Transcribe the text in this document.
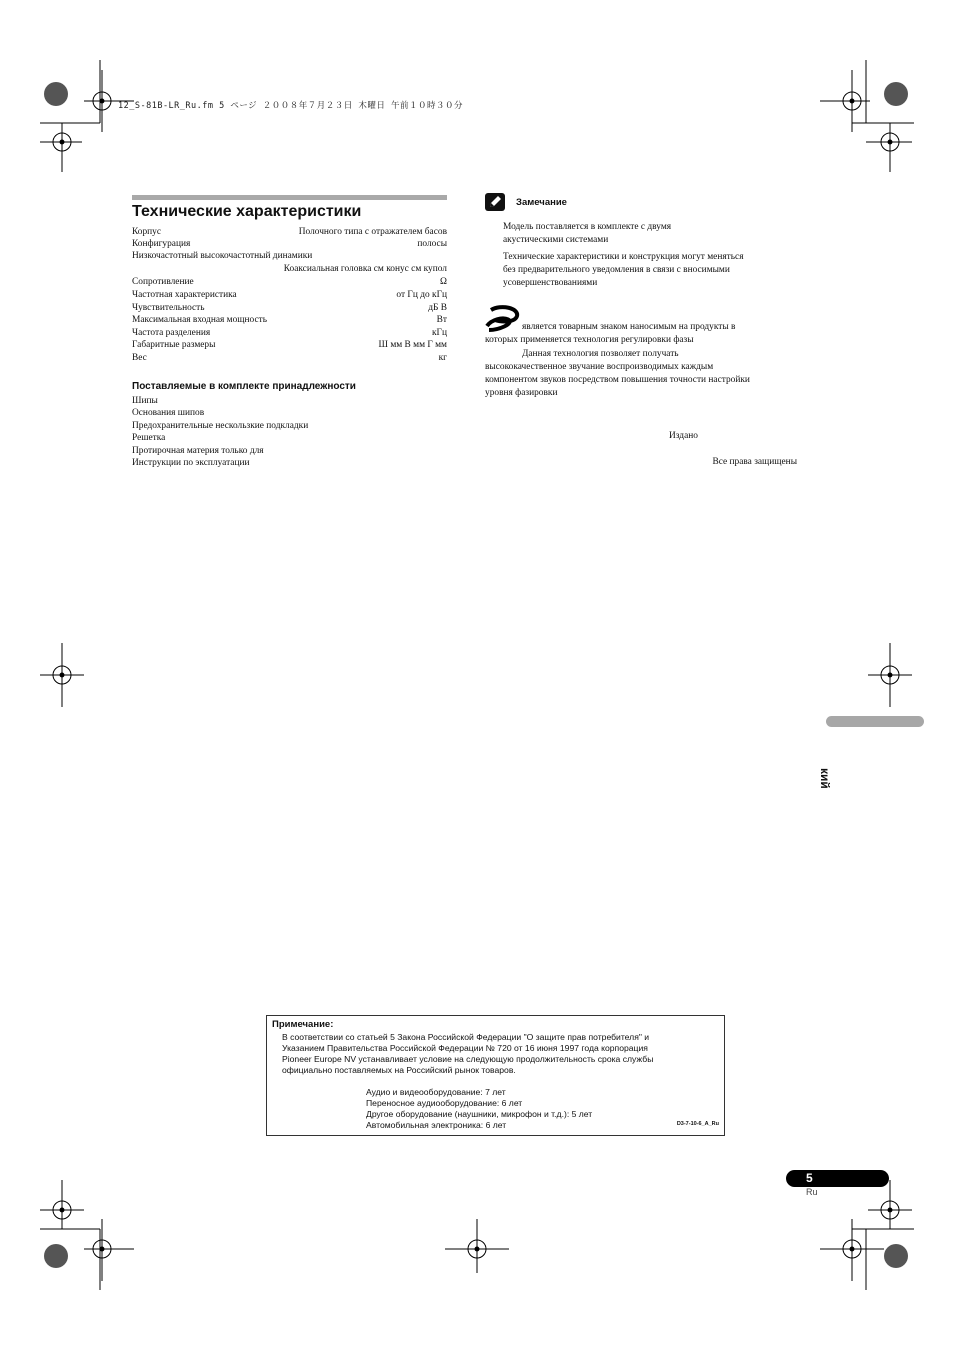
12_S-81B-LR_Ru.fm 5 ページ ２００８年７月２３日 木曜日 午前１０時３０分
Технические характеристики
Корпус	Полочного типа с отражателем басов
Конфигурация	полосы
Низкочастотный высокочастотный динамики
Коаксиальная головка см конус см купол
Сопротивление	Ω
Частотная характеристика	от Гц до кГц
Чувствительность	дБ В
Максимальная входная мощность	Вт
Частота разделения	кГц
Габаритные размеры	Ш мм В мм Г мм
Вес	кг
Поставляемые в комплекте принадлежности
Шипы
Основания шипов
Предохранительные нескользкие подкладки
Решетка
Протирочная материя только для
Инструкции по эксплуатации
Замечание
Модель поставляется в комплекте с двумя
акустическими системами
Технические характеристики и конструкция могут меняться
без предварительного уведомления в связи с вносимыми
усовершенствованиями
является товарным знаком наносимым на продукты в
которых применяется технология регулировки фазы
Данная технология позволяет получать
высококачественное звучание воспроизводимых каждым
компонентом звуков посредством повышения точности настройки
уровня фазировки
Издано
Все права защищены
кий
Примечание:
В соответствии со статьей 5 Закона Российской Федерации "О защите прав потребителя" и
Указанием Правительства Российской Федерации № 720 от 16 июня 1997 года корпорация
Pioneer Europe NV устанавливает условие на следующую продолжительность срока службы
официально поставляемых на Российский рынок товаров.
Аудио и видеооборудование: 7 лет
Переносное аудиооборудование: 6 лет
Другое оборудование (наушники, микрофон и т.д.): 5 лет
Автомобильная электроника: 6 лет	D3-7-10-6_A_Ru
5
Ru
